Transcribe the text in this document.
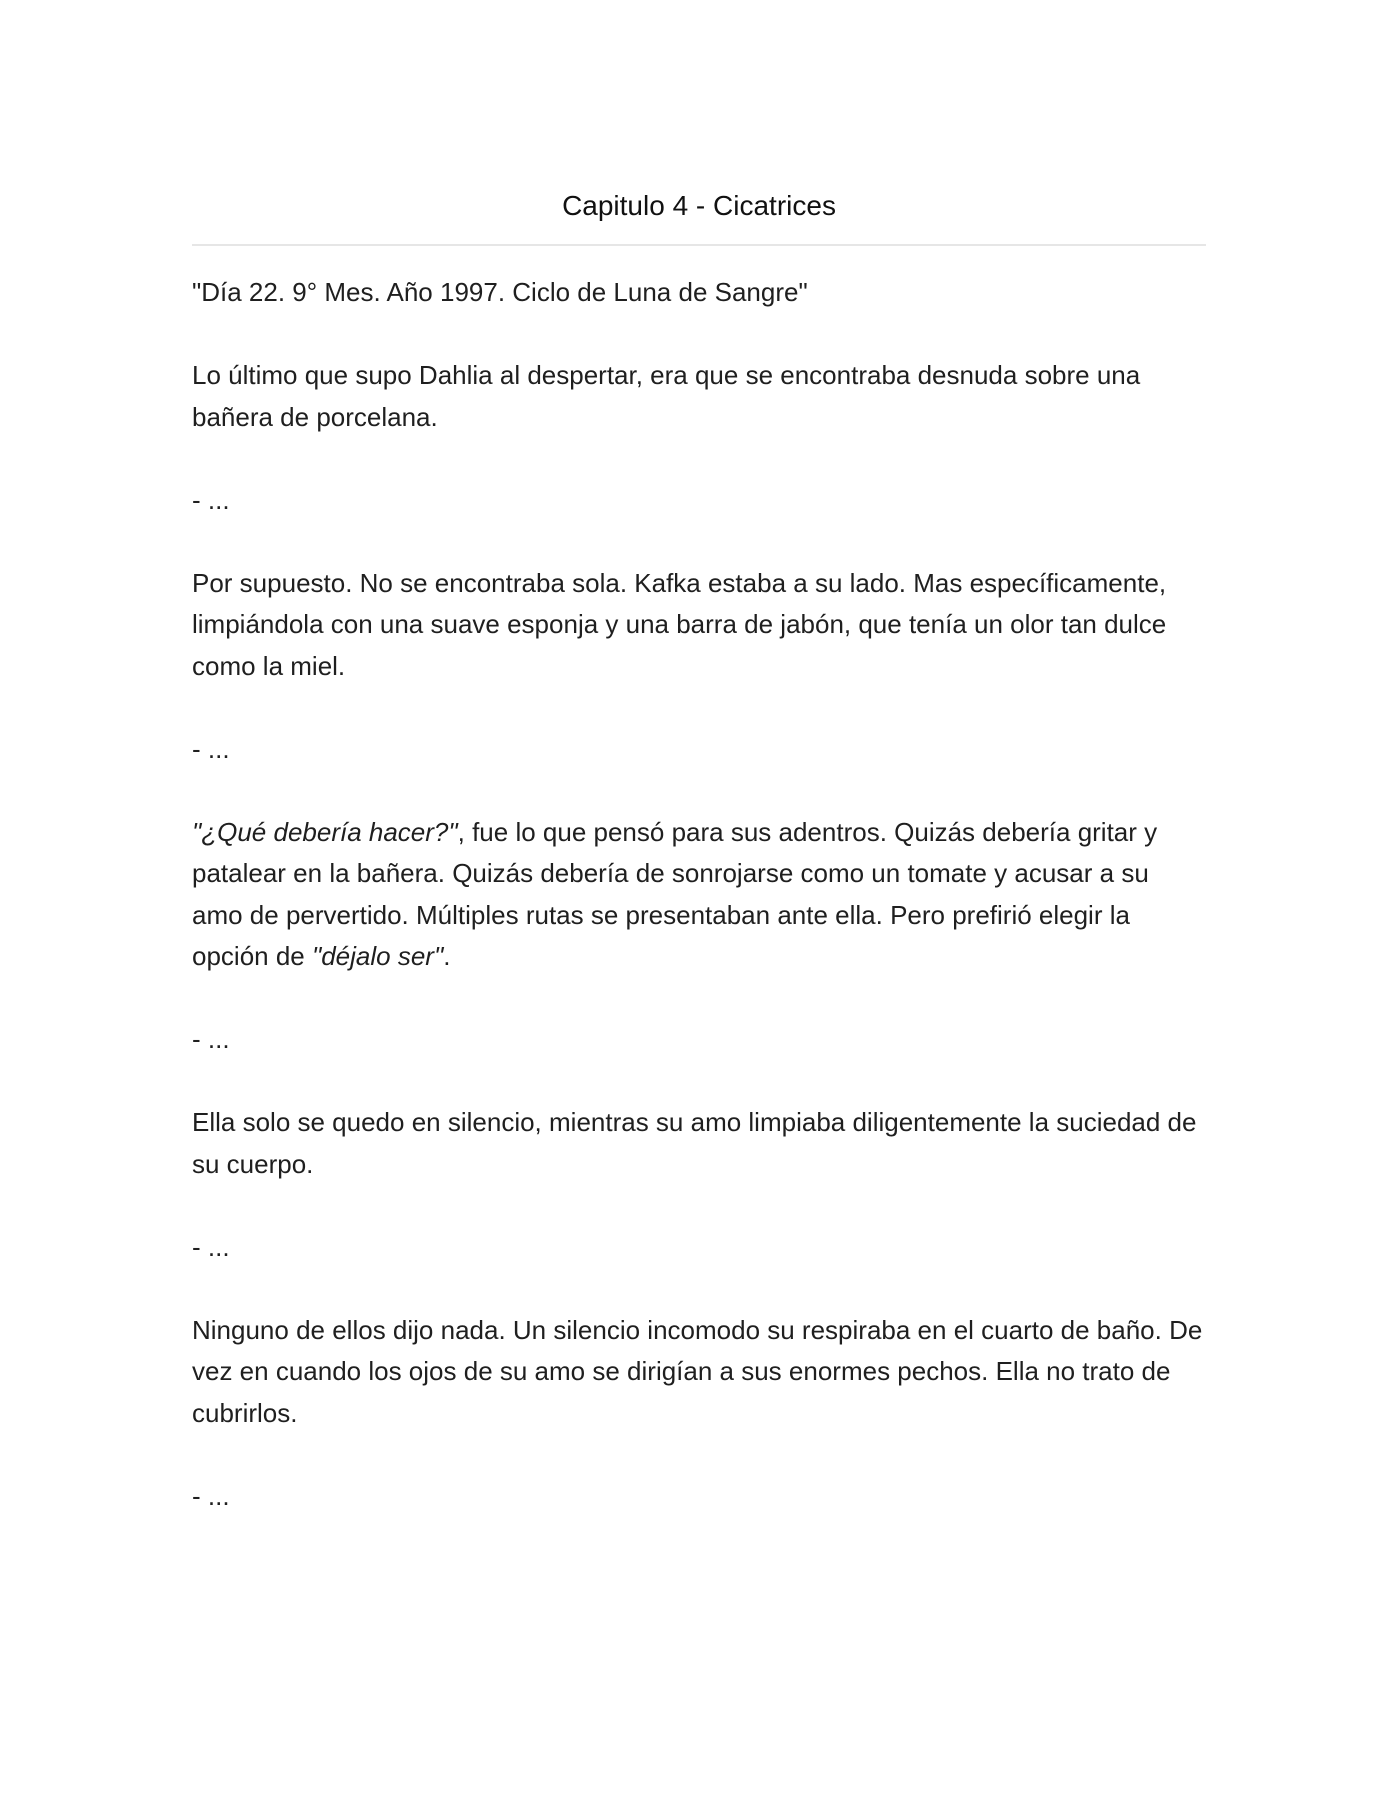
Capitulo 4 - Cicatrices

"Día 22. 9° Mes. Año 1997. Ciclo de Luna de Sangre"

Lo último que supo Dahlia al despertar, era que se encontraba desnuda sobre una bañera de porcelana.

- ...

Por supuesto. No se encontraba sola. Kafka estaba a su lado. Mas específicamente, limpiándola con una suave esponja y una barra de jabón, que tenía un olor tan dulce como la miel.

- ...

"¿Qué debería hacer?", fue lo que pensó para sus adentros. Quizás debería gritar y patalear en la bañera. Quizás debería de sonrojarse como un tomate y acusar a su amo de pervertido. Múltiples rutas se presentaban ante ella. Pero prefirió elegir la opción de "déjalo ser".

- ...

Ella solo se quedo en silencio, mientras su amo limpiaba diligentemente la suciedad de su cuerpo.

- ...

Ninguno de ellos dijo nada. Un silencio incomodo su respiraba en el cuarto de baño. De vez en cuando los ojos de su amo se dirigían a sus enormes pechos. Ella no trato de cubrirlos.

- ...
